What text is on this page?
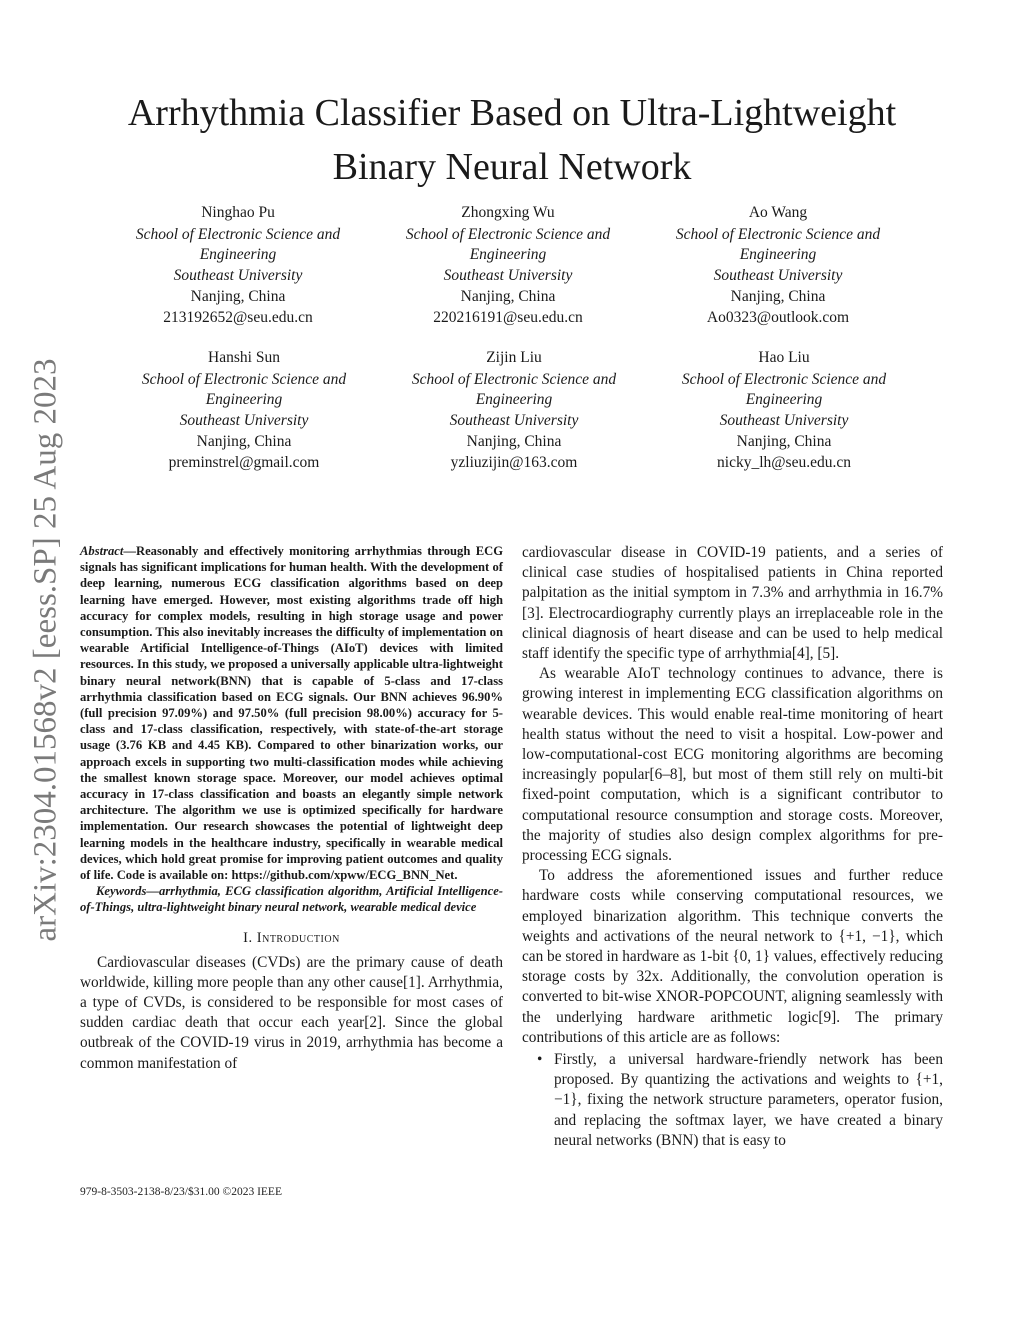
arXiv:2304.01568v2 [eess.SP] 25 Aug 2023
Arrhythmia Classifier Based on Ultra-Lightweight Binary Neural Network
Ninghao Pu
School of Electronic Science and
Engineering
Southeast University
Nanjing, China
213192652@seu.edu.cn
Zhongxing Wu
School of Electronic Science and
Engineering
Southeast University
Nanjing, China
220216191@seu.edu.cn
Ao Wang
School of Electronic Science and
Engineering
Southeast University
Nanjing, China
Ao0323@outlook.com
Hanshi Sun
School of Electronic Science and
Engineering
Southeast University
Nanjing, China
preminstrel@gmail.com
Zijin Liu
School of Electronic Science and
Engineering
Southeast University
Nanjing, China
yzliuzijin@163.com
Hao Liu
School of Electronic Science and
Engineering
Southeast University
Nanjing, China
nicky_lh@seu.edu.cn

Abstract—Reasonably and effectively monitoring arrhythmias through ECG signals has significant implications for human health. With the development of deep learning, numerous ECG classification algorithms based on deep learning have emerged. However, most existing algorithms trade off high accuracy for complex models, resulting in high storage usage and power consumption. This also inevitably increases the difficulty of implementation on wearable Artificial Intelligence-of-Things (AIoT) devices with limited resources. In this study, we proposed a universally applicable ultra-lightweight binary neural network(BNN) that is capable of 5-class and 17-class arrhythmia classification based on ECG signals. Our BNN achieves 96.90% (full precision 97.09%) and 97.50% (full precision 98.00%) accuracy for 5-class and 17-class classification, respectively, with state-of-the-art storage usage (3.76 KB and 4.45 KB). Compared to other binarization works, our approach excels in supporting two multi-classification modes while achieving the smallest known storage space. Moreover, our model achieves optimal accuracy in 17-class classification and boasts an elegantly simple network architecture. The algorithm we use is optimized specifically for hardware implementation. Our research showcases the potential of lightweight deep learning models in the healthcare industry, specifically in wearable medical devices, which hold great promise for improving patient outcomes and quality of life. Code is available on: https://github.com/xpww/ECG_BNN_Net.

Keywords—arrhythmia, ECG classification algorithm, Artificial Intelligence-of-Things, ultra-lightweight binary neural network, wearable medical device

I. Introduction

Cardiovascular diseases (CVDs) are the primary cause of death worldwide, killing more people than any other cause[1]. Arrhythmia, a type of CVDs, is considered to be responsible for most cases of sudden cardiac death that occur each year[2]. Since the global outbreak of the COVID-19 virus in 2019, arrhythmia has become a common manifestation of

979-8-3503-2138-8/23/$31.00 ©2023 IEEE

cardiovascular disease in COVID-19 patients, and a series of clinical case studies of hospitalised patients in China reported palpitation as the initial symptom in 7.3% and arrhythmia in 16.7%[3]. Electrocardiography currently plays an irreplaceable role in the clinical diagnosis of heart disease and can be used to help medical staff identify the specific type of arrhythmia[4], [5].

As wearable AIoT technology continues to advance, there is growing interest in implementing ECG classification algorithms on wearable devices. This would enable real-time monitoring of heart health status without the need to visit a hospital. Low-power and low-computational-cost ECG monitoring algorithms are becoming increasingly popular[6–8], but most of them still rely on multi-bit fixed-point computation, which is a significant contributor to computational resource consumption and storage costs. Moreover, the majority of studies also design complex algorithms for pre-processing ECG signals.

To address the aforementioned issues and further reduce hardware costs while conserving computational resources, we employed binarization algorithm. This technique converts the weights and activations of the neural network to {+1, −1}, which can be stored in hardware as 1-bit {0, 1} values, effectively reducing storage costs by 32x. Additionally, the convolution operation is converted to bit-wise XNOR-POPCOUNT, aligning seamlessly with the underlying hardware arithmetic logic[9]. The primary contributions of this article are as follows:

• Firstly, a universal hardware-friendly network has been proposed. By quantizing the activations and weights to {+1, −1}, fixing the network structure parameters, operator fusion, and replacing the softmax layer, we have created a binary neural networks (BNN) that is easy to
